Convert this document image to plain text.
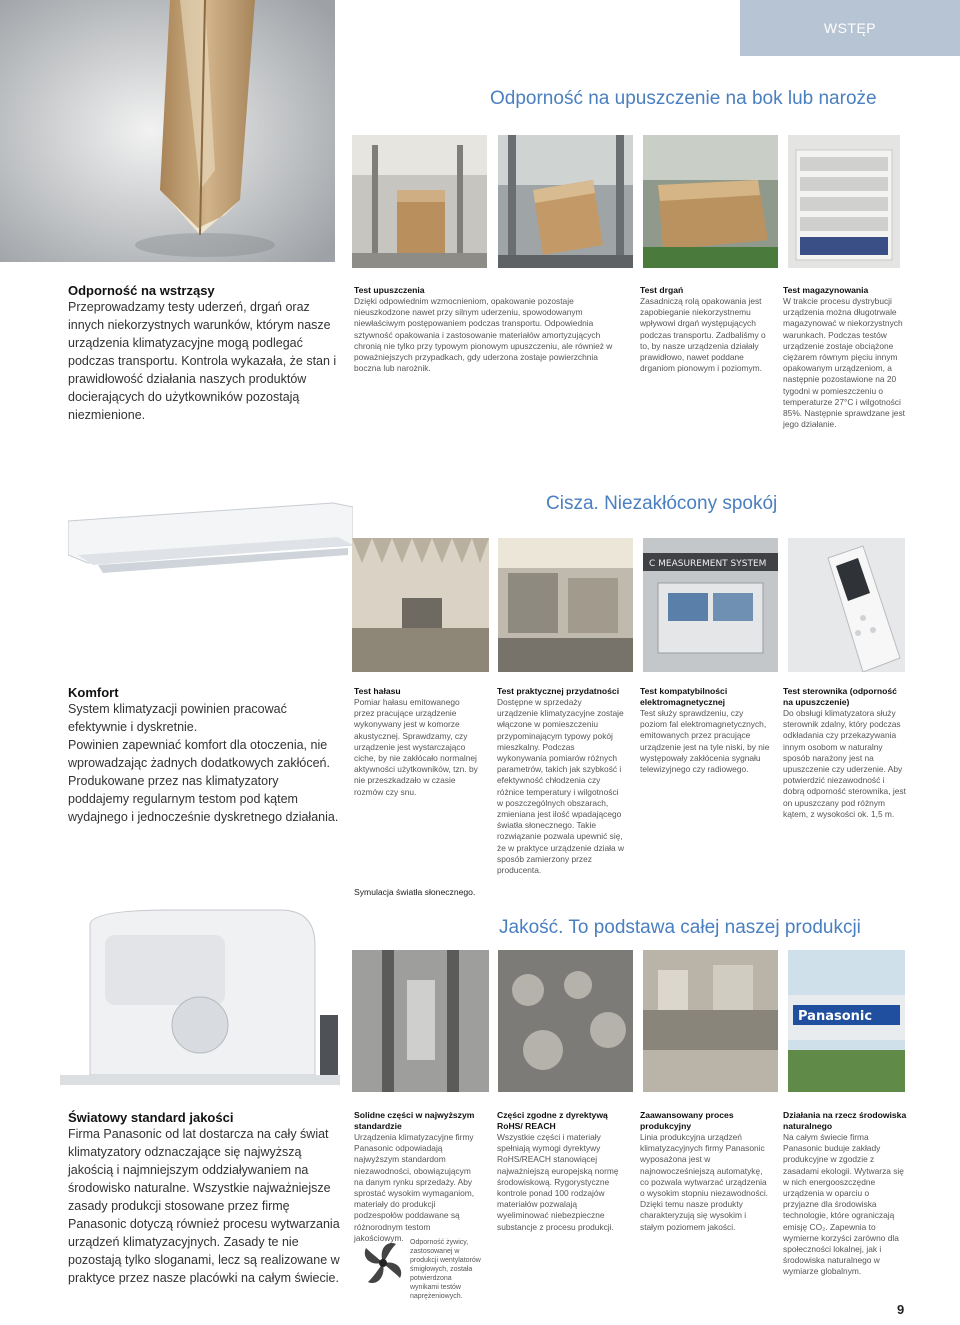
WSTĘP
Odporność na upuszczenie na bok lub naroże
Odporność na wstrząsy
Przeprowadzamy testy uderzeń, drgań oraz innych niekorzystnych warunków, którym nasze urządzenia klimatyzacyjne mogą podlegać podczas transportu. Kontrola wykazała, że stan i prawidłowość działania naszych produktów docierających do użytkowników pozostają niezmienione.
Test upuszczenia
Dzięki odpowiednim wzmocnieniom, opakowanie pozostaje nieuszkodzone nawet przy silnym uderzeniu, spowodowanym niewłaściwym postępowaniem podczas transportu. Odpowiednia sztywność opakowania i zastosowanie materiałów amortyzujących chronią nie tylko przy typowym pionowym upuszczeniu, ale również w poważniejszych przypadkach, gdy uderzona zostaje powierzchnia boczna lub narożnik.
Test drgań
Zasadniczą rolą opakowania jest zapobieganie niekorzystnemu wpływowi drgań występujących podczas transportu. Zadbaliśmy o to, by nasze urządzenia działały prawidłowo, nawet poddane drganiom pionowym i poziomym.
Test magazynowania
W trakcie procesu dystrybucji urządzenia można długotrwale magazynować w niekorzystnych warunkach. Podczas testów urządzenie zostaje obciążone ciężarem równym pięciu innym opakowanym urządzeniom, a następnie pozostawione na 20 tygodni w pomieszczeniu o temperaturze 27°C i wilgotności 85%. Następnie sprawdzane jest jego działanie.
Cisza. Niezakłócony spokój
C MEASUREMENT SYSTEM
Komfort
System klimatyzacji powinien pracować efektywnie i dyskretnie.
Powinien zapewniać komfort dla otoczenia, nie wprowadzając żadnych dodatkowych zakłóceń. Produkowane przez nas klimatyzatory poddajemy regularnym testom pod kątem wydajnego i jednocześnie dyskretnego działania.
Test hałasu
Pomiar hałasu emitowanego przez pracujące urządzenie wykonywany jest w komorze akustycznej. Sprawdzamy, czy urządzenie jest wystarczająco ciche, by nie zakłócało normalnej aktywności użytkowników, tzn. by nie przeszkadzało w czasie rozmów czy snu.
Test praktycznej przydatności
Dostępne w sprzedaży urządzenie klimatyzacyjne zostaje włączone w pomieszczeniu przypominającym typowy pokój mieszkalny. Podczas wykonywania pomiarów różnych parametrów, takich jak szybkość i efektywność chłodzenia czy różnice temperatury i wilgotności w poszczególnych obszarach, zmieniana jest ilość wpadającego światła słonecznego. Takie rozwiązanie pozwala upewnić się, że w praktyce urządzenie działa w sposób zamierzony przez producenta.
Test kompatybilności elektromagnetycznej
Test służy sprawdzeniu, czy poziom fal elektromagnetycznych, emitowanych przez pracujące urządzenie jest na tyle niski, by nie występowały zakłócenia sygnału telewizyjnego czy radiowego.
Test sterownika (odporność na upuszczenie)
Do obsługi klimatyzatora służy sterownik zdalny, który podczas odkładania czy przekazywania innym osobom w naturalny sposób narażony jest na upuszczenie czy uderzenie. Aby potwierdzić niezawodność i dobrą odporność sterownika, jest on upuszczany pod różnym kątem, z wysokości ok. 1,5 m.
Symulacja światła słonecznego.
Jakość. To podstawa całej naszej produkcji
Panasonic
Światowy standard jakości
Firma Panasonic od lat dostarcza na cały świat klimatyzatory odznaczające się najwyższą jakością i najmniejszym oddziaływaniem na środowisko naturalne. Wszystkie najważniejsze zasady produkcji stosowane przez firmę Panasonic dotyczą również procesu wytwarzania urządzeń klimatyzacyjnych. Zasady te nie pozostają tylko sloganami, lecz są realizowane w praktyce przez nasze placówki na całym świecie.
Solidne części w najwyższym standardzie
Urządzenia klimatyzacyjne firmy Panasonic odpowiadają najwyższym standardom niezawodności, obowiązującym na danym rynku sprzedaży. Aby sprostać wysokim wymaganiom, materiały do produkcji podzespołów poddawane są różnorodnym testom jakościowym.
Części zgodne z dyrektywą RoHS/ REACH
Wszystkie części i materiały spełniają wymogi dyrektywy RoHS/REACH stanowiącej najważniejszą europejską normę środowiskową. Rygorystyczne kontrole ponad 100 rodzajów materiałów pozwalają wyeliminować niebezpieczne substancje z procesu produkcji.
Zaawansowany proces produkcyjny
Linia produkcyjna urządzeń klimatyzacyjnych firmy Panasonic wyposażona jest w najnowocześniejszą automatykę, co pozwala wytwarzać urządzenia o wysokim stopniu niezawodności. Dzięki temu nasze produkty charakteryzują się wysokim i stałym poziomem jakości.
Działania na rzecz środowiska naturalnego
Na całym świecie firma Panasonic buduje zakłady produkcyjne w zgodzie z zasadami ekologii. Wytwarza się w nich energooszczędne urządzenia w oparciu o przyjazne dla środowiska technologie, które ograniczają emisję CO₂. Zapewnia to wymierne korzyści zarówno dla społeczności lokalnej, jak i środowiska naturalnego w wymiarze globalnym.
Odporność żywicy, zastosowanej w produkcji wentylatorów śmigłowych, została potwierdzona wynikami testów naprężeniowych.
9
